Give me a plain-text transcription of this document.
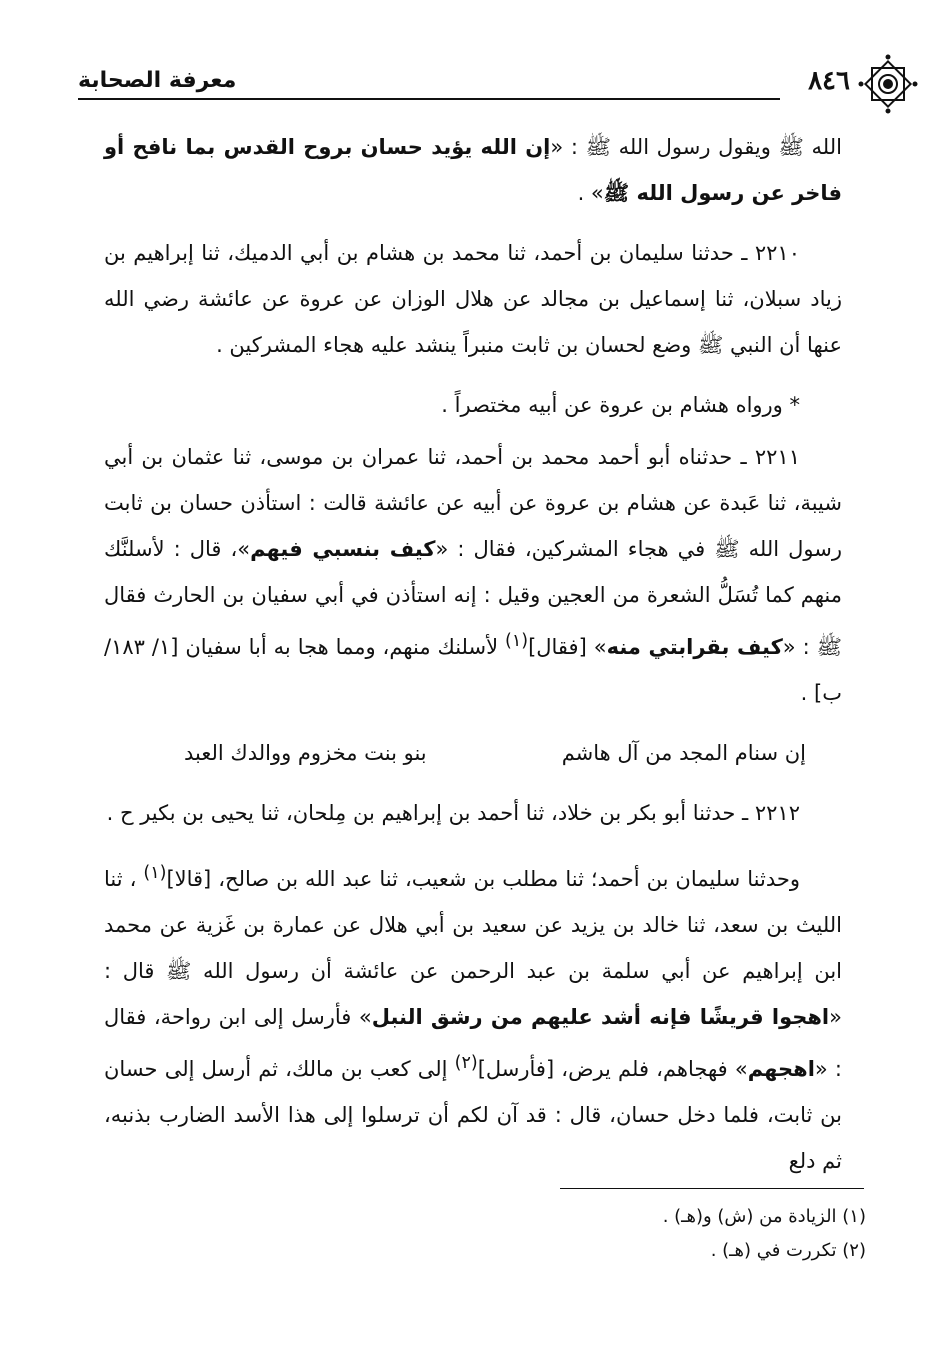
٨٤٦
معرفة الصحابة

الله ﷺ ويقول رسول الله ﷺ : «إن الله يؤيد حسان بروح القدس بما نافح أو فاخر عن رسول الله ﷺ» .

٢٢١٠ ـ حدثنا سليمان بن أحمد، ثنا محمد بن هشام بن أبي الدميك، ثنا إبراهيم بن زياد سبلان، ثنا إسماعيل بن مجالد عن هلال الوزان عن عروة عن عائشة رضي الله عنها أن النبي ﷺ وضع لحسان بن ثابت منبراً ينشد عليه هجاء المشركين .

* ورواه هشام بن عروة عن أبيه مختصراً .

٢٢١١ ـ حدثناه أبو أحمد محمد بن أحمد، ثنا عمران بن موسى، ثنا عثمان بن أبي شيبة، ثنا عَبدة عن هشام بن عروة عن أبيه عن عائشة قالت : استأذن حسان بن ثابت رسول الله ﷺ في هجاء المشركين، فقال : «كيف بنسبي فيهم»، قال : لأسلنَّك منهم كما تُسَلُّ الشعرة من العجين وقيل : إنه استأذن في أبي سفيان بن الحارث فقال ﷺ : «كيف بقرابتي منه» [فقال]$^{(١)}$ لأسلنك منهم، ومما هجا به أبا سفيان [١/ ١٨٣/ ب] .

إن سنام المجد من آل هاشم
بنو بنت مخزوم ووالدك العبد

٢٢١٢ ـ حدثنا أبو بكر بن خلاد، ثنا أحمد بن إبراهيم بن مِلحان، ثنا يحيى بن بكير ح .

وحدثنا سليمان بن أحمد؛ ثنا مطلب بن شعيب، ثنا عبد الله بن صالح، [قالا]$^{(١)}$ ، ثنا الليث بن سعد، ثنا خالد بن يزيد عن سعيد بن أبي هلال عن عمارة بن غَزية عن محمد ابن إبراهيم عن أبي سلمة بن عبد الرحمن عن عائشة أن رسول الله ﷺ قال : «اهجوا قريشًا فإنه أشد عليهم من رشق النبل» فأرسل إلى ابن رواحة، فقال : «اهجهم» فهجاهم، فلم يرض، [فأرسل]$^{(٢)}$ إلى كعب بن مالك، ثم أرسل إلى حسان بن ثابت، فلما دخل حسان، قال : قد آن لكم أن ترسلوا إلى هذا الأسد الضارب بذنبه، ثم دلع

(١) الزيادة من (ش) و(هـ) .
(٢) تكررت في (هـ) .
